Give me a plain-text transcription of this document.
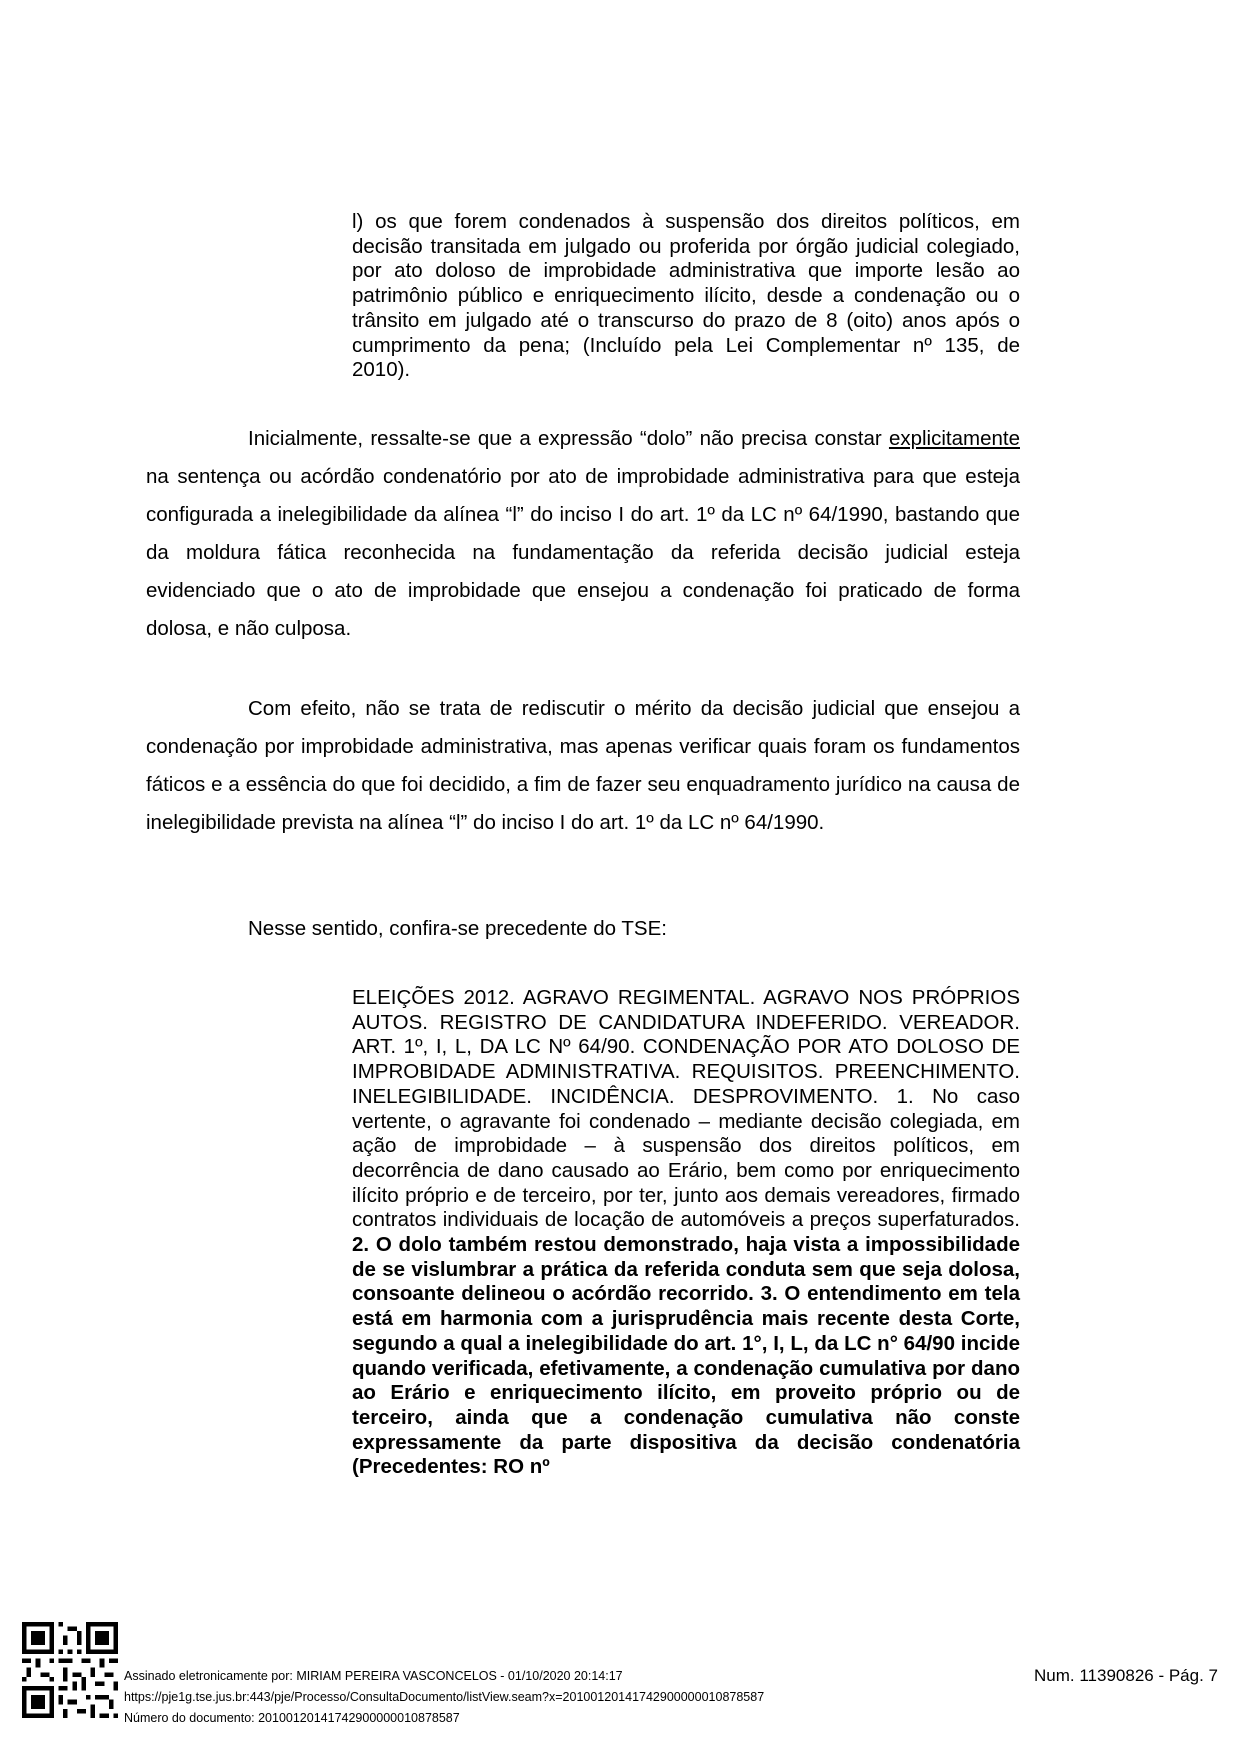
l) os que forem condenados à suspensão dos direitos políticos, em decisão transitada em julgado ou proferida por órgão judicial colegiado, por ato doloso de improbidade administrativa que importe lesão ao patrimônio público e enriquecimento ilícito, desde a condenação ou o trânsito em julgado até o transcurso do prazo de 8 (oito) anos após o cumprimento da pena; (Incluído pela Lei Complementar nº 135, de 2010).
Inicialmente, ressalte-se que a expressão “dolo” não precisa constar explicitamente na sentença ou acórdão condenatório por ato de improbidade administrativa para que esteja configurada a inelegibilidade da alínea “l” do inciso I do art. 1º da LC nº 64/1990, bastando que da moldura fática reconhecida na fundamentação da referida decisão judicial esteja evidenciado que o ato de improbidade que ensejou a condenação foi praticado de forma dolosa, e não culposa.
Com efeito, não se trata de rediscutir o mérito da decisão judicial que ensejou a condenação por improbidade administrativa, mas apenas verificar quais foram os fundamentos fáticos e a essência do que foi decidido, a fim de fazer seu enquadramento jurídico na causa de inelegibilidade prevista na alínea “l” do inciso I do art. 1º da LC nº 64/1990.
Nesse sentido, confira-se precedente do TSE:
ELEIÇÕES 2012. AGRAVO REGIMENTAL. AGRAVO NOS PRÓPRIOS AUTOS. REGISTRO DE CANDIDATURA INDEFERIDO. VEREADOR. ART. 1º, I, L, DA LC Nº 64/90. CONDENAÇÃO POR ATO DOLOSO DE IMPROBIDADE ADMINISTRATIVA. REQUISITOS. PREENCHIMENTO. INELEGIBILIDADE. INCIDÊNCIA. DESPROVIMENTO. 1. No caso vertente, o agravante foi condenado – mediante decisão colegiada, em ação de improbidade – à suspensão dos direitos políticos, em decorrência de dano causado ao Erário, bem como por enriquecimento ilícito próprio e de terceiro, por ter, junto aos demais vereadores, firmado contratos individuais de locação de automóveis a preços superfaturados. 2. O dolo também restou demonstrado, haja vista a impossibilidade de se vislumbrar a prática da referida conduta sem que seja dolosa, consoante delineou o acórdão recorrido. 3. O entendimento em tela está em harmonia com a jurisprudência mais recente desta Corte, segundo a qual a inelegibilidade do art. 1°, I, L, da LC n° 64/90 incide quando verificada, efetivamente, a condenação cumulativa por dano ao Erário e enriquecimento ilícito, em proveito próprio ou de terceiro, ainda que a condenação cumulativa não conste expressamente da parte dispositiva da decisão condenatória (Precedentes: RO nº
Assinado eletronicamente por: MIRIAM PEREIRA VASCONCELOS - 01/10/2020 20:14:17
https://pje1g.tse.jus.br:443/pje/Processo/ConsultaDocumento/listView.seam?x=20100120141742900000010878587
Número do documento: 20100120141742900000010878587
Num. 11390826 - Pág. 7
